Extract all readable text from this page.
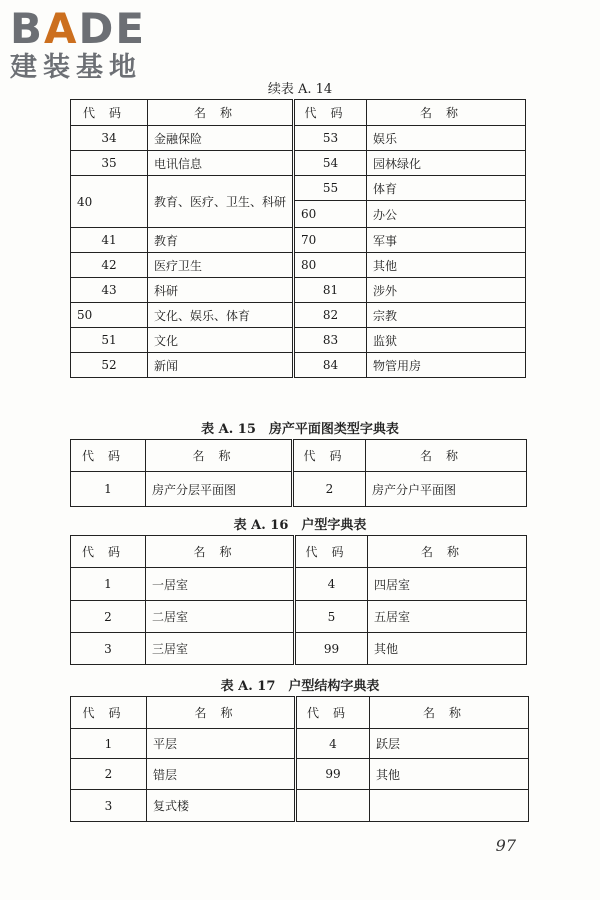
BADE
建装基地
续表 A. 14
代码	名称	代码	名称
34	金融保险	53	娱乐
35	电讯信息	54	园林绿化
40	教育、医疗、卫生、科研	55	体育
		60	办公
41	教育	70	军事
42	医疗卫生	80	其他
43	科研	81	涉外
50	文化、娱乐、体育	82	宗教
51	文化	83	监狱
52	新闻	84	物管用房
表 A. 15　房产平面图类型字典表
代码	名称	代码	名称
1	房产分层平面图	2	房产分户平面图
表 A. 16　户型字典表
代码	名称	代码	名称
1	一居室	4	四居室
2	二居室	5	五居室
3	三居室	99	其他
表 A. 17　户型结构字典表
代码	名称	代码	名称
1	平层	4	跃层
2	错层	99	其他
3	复式楼		
97
